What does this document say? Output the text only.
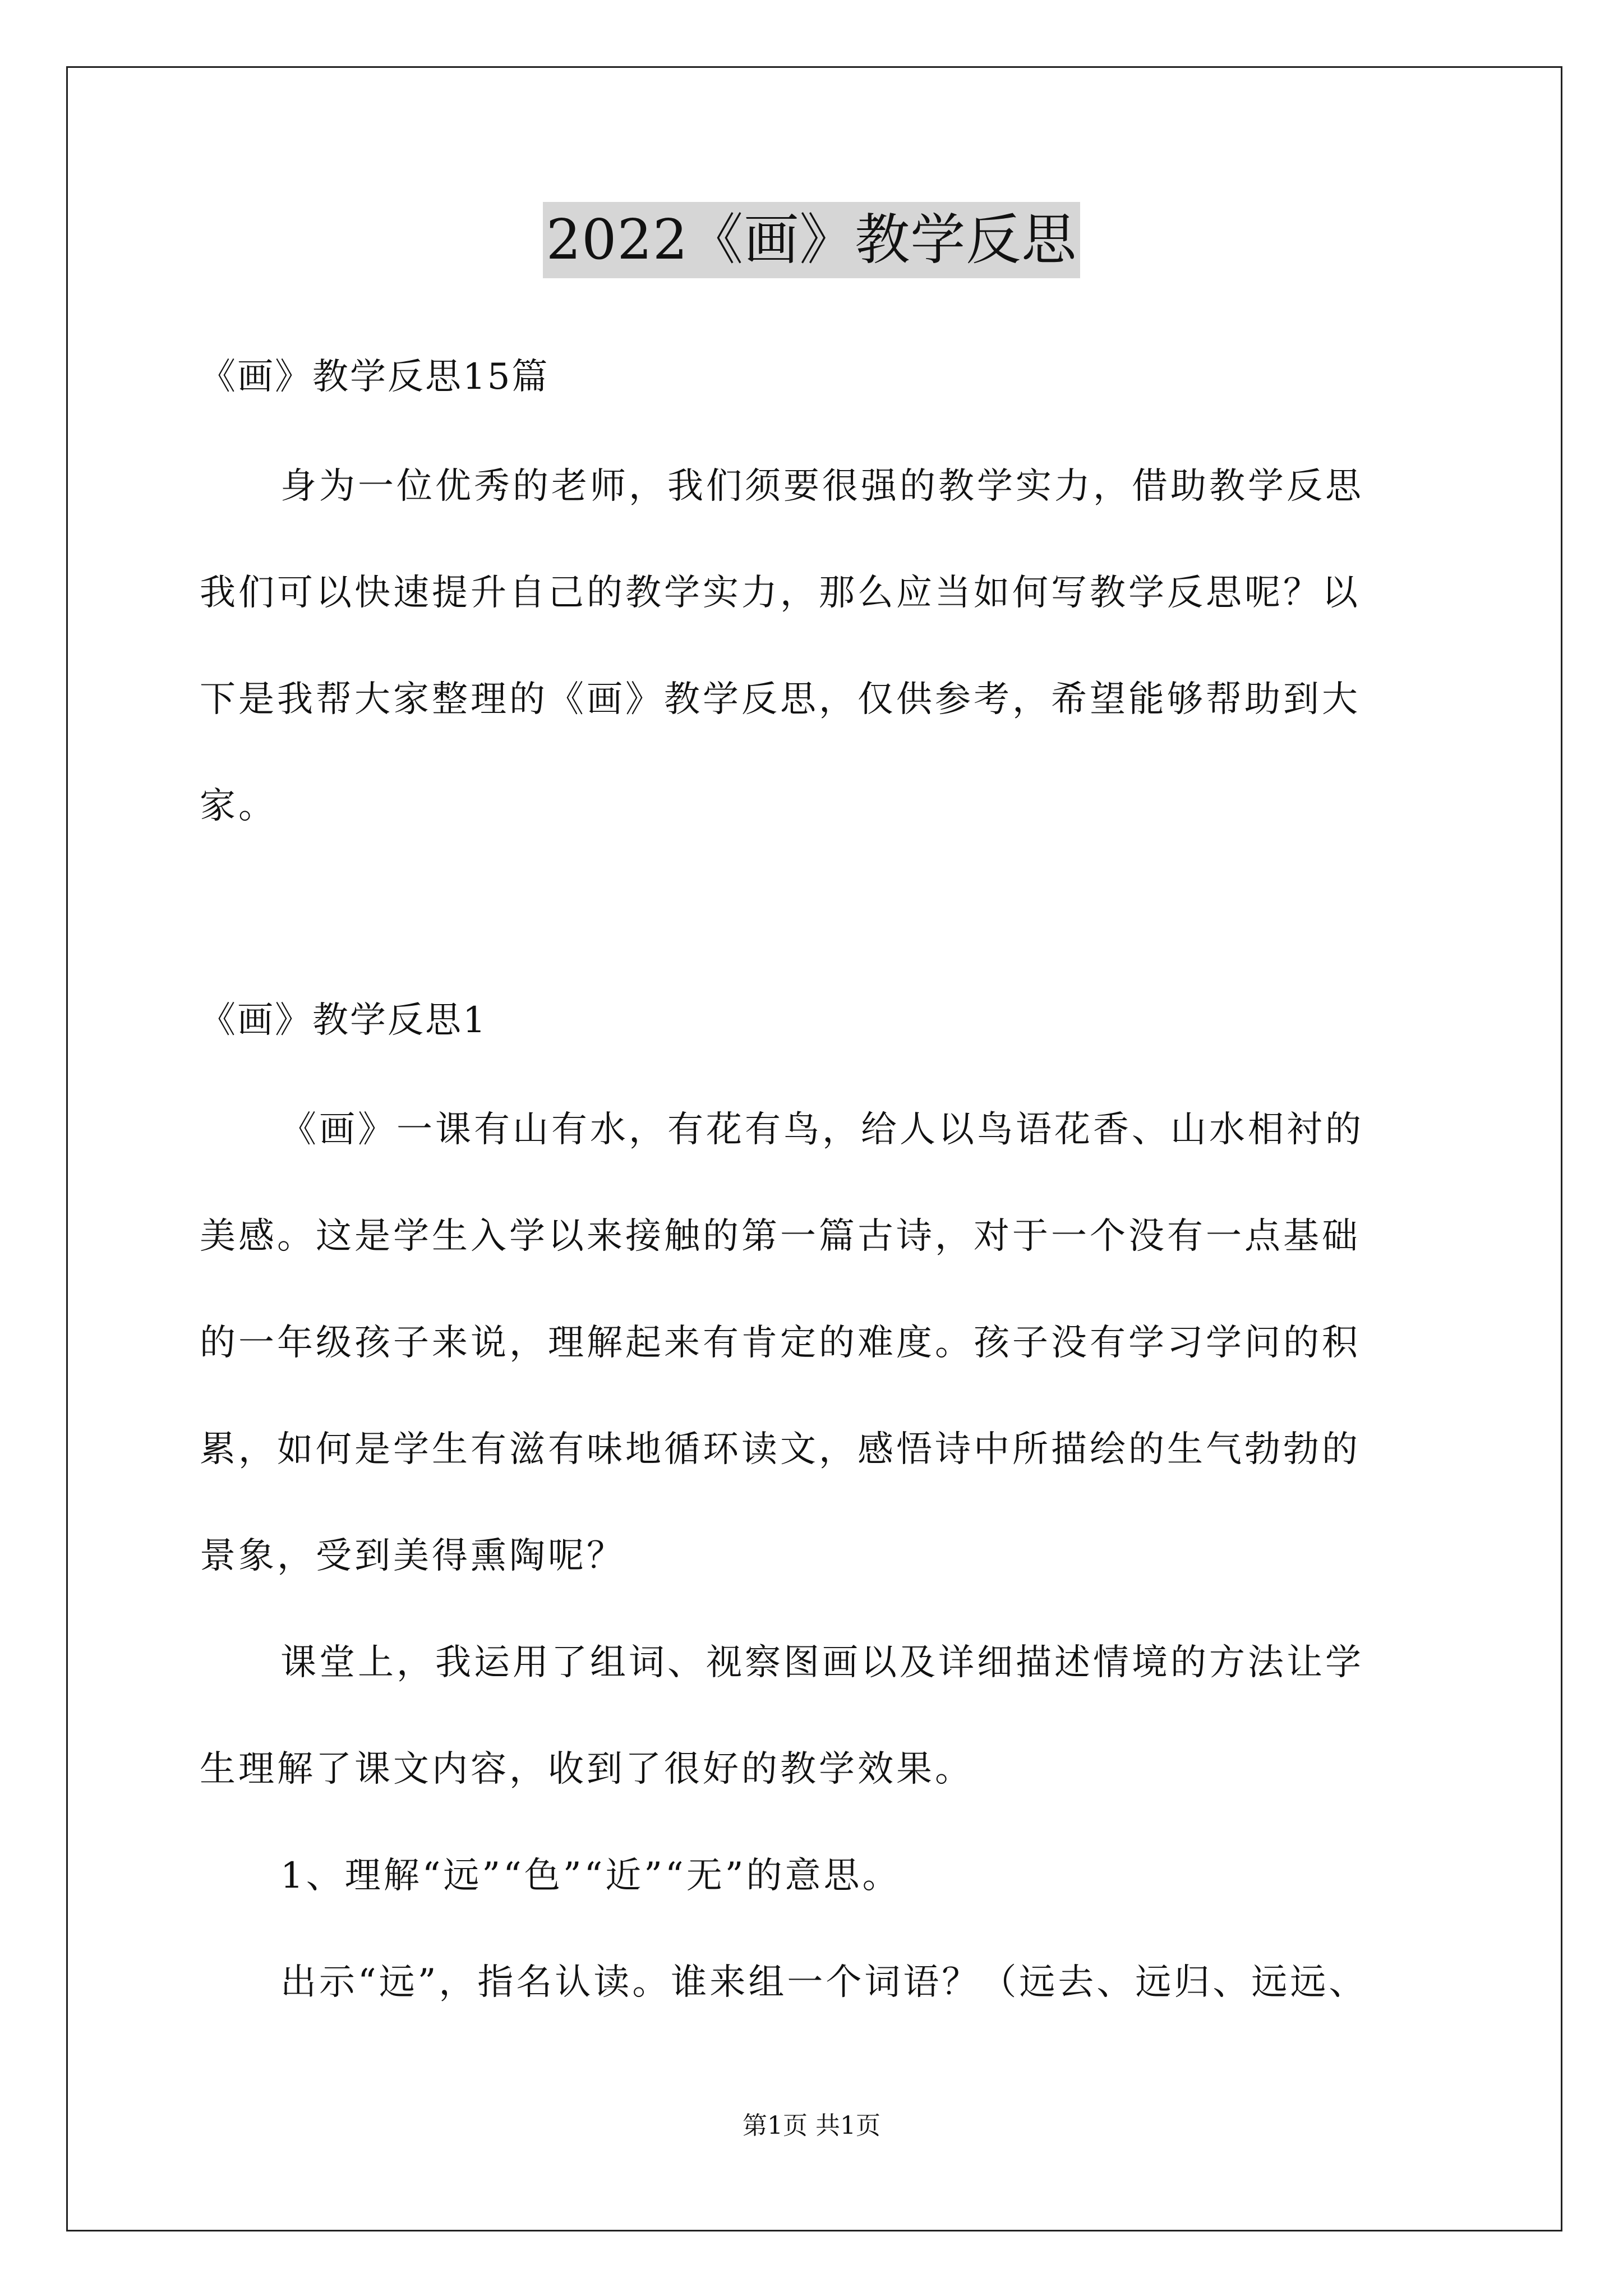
2022《画》教学反思
《画》教学反思15篇
身为一位优秀的老师，我们须要很强的教学实力，借助教学反思
我们可以快速提升自己的教学实力，那么应当如何写教学反思呢？以
下是我帮大家整理的《画》教学反思，仅供参考，希望能够帮助到大
家。
《画》教学反思1
《画》一课有山有水，有花有鸟，给人以鸟语花香、山水相衬的
美感。这是学生入学以来接触的第一篇古诗，对于一个没有一点基础
的一年级孩子来说，理解起来有肯定的难度。孩子没有学习学问的积
累，如何是学生有滋有味地循环读文，感悟诗中所描绘的生气勃勃的
景象，受到美得熏陶呢？
课堂上，我运用了组词、视察图画以及详细描述情境的方法让学
生理解了课文内容，收到了很好的教学效果。
1、理解“远”“色”“近”“无”的意思。
出示“远”，指名认读。谁来组一个词语？（远去、远归、远远、
第1页 共1页
